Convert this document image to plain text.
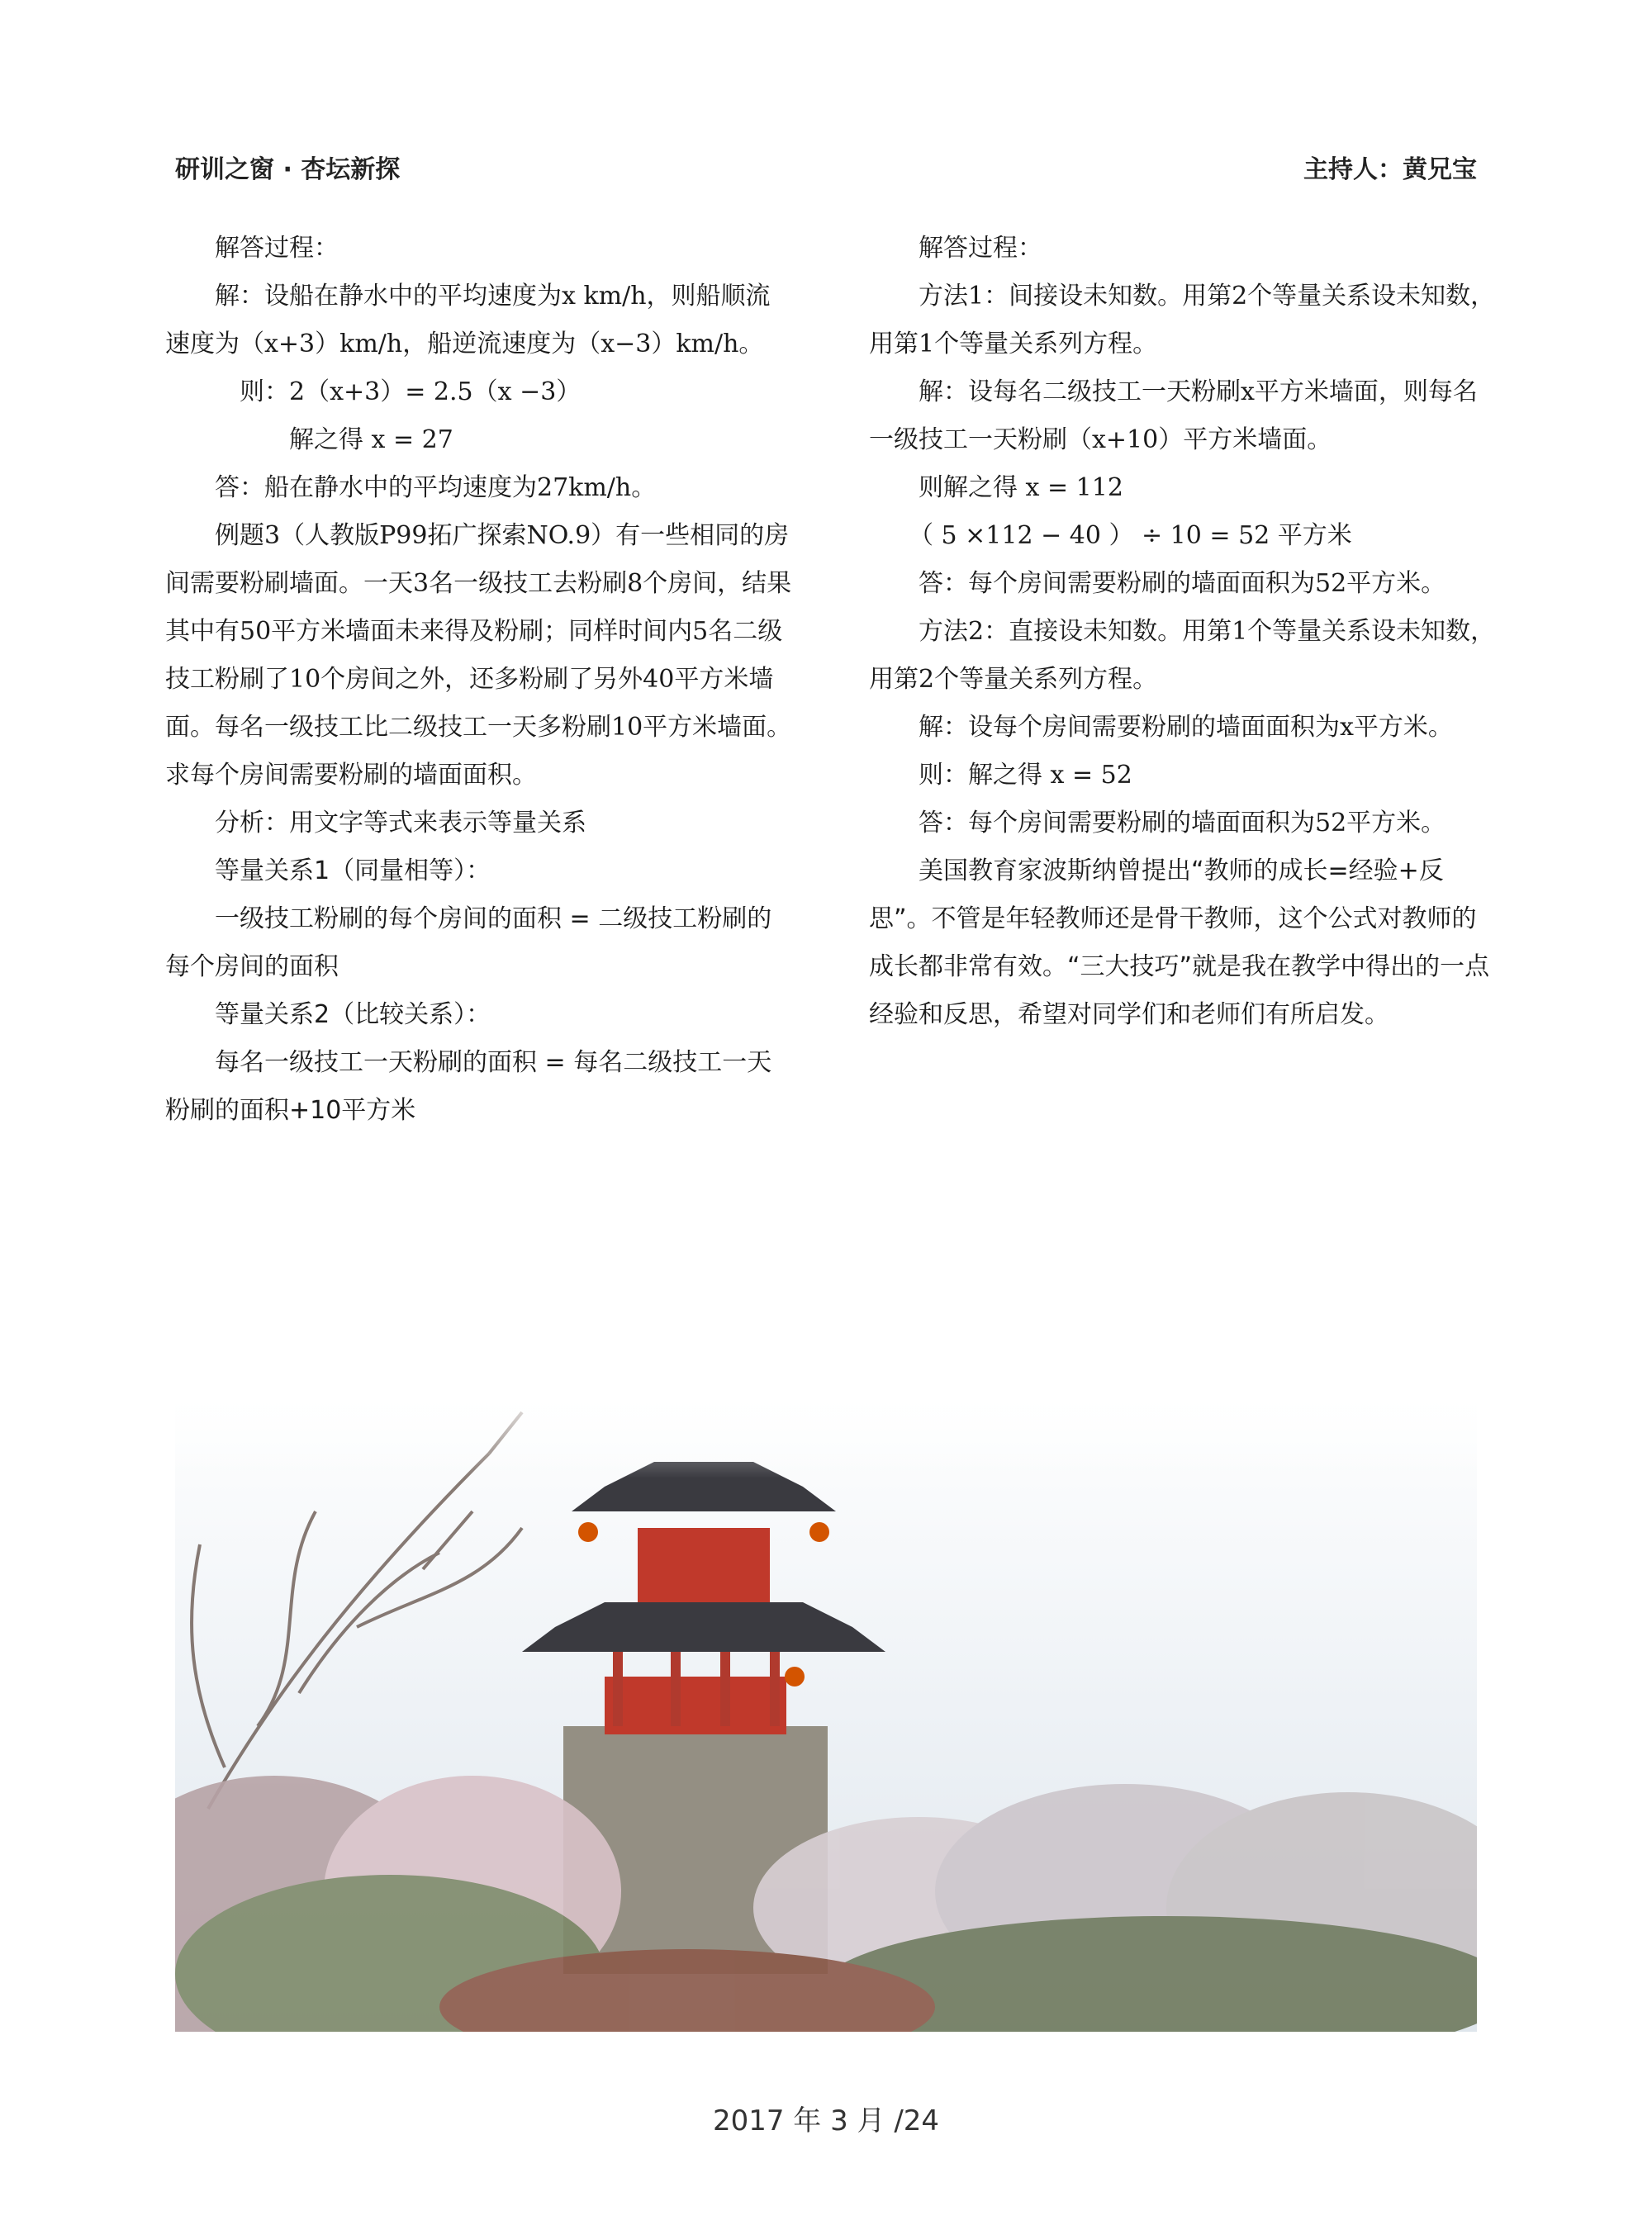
研训之窗 · 杏坛新探	主持人：黄兄宝

解答过程：

解：设船在静水中的平均速度为x km/h，则船顺流速度为（x+3）km/h，船逆流速度为（x−3）km/h。

则：2（x+3）= 2.5（x −3）

解之得 x = 27

答：船在静水中的平均速度为27km/h。

例题3（人教版P99拓广探索NO.9）有一些相同的房间需要粉刷墙面。一天3名一级技工去粉刷8个房间，结果其中有50平方米墙面未来得及粉刷；同样时间内5名二级技工粉刷了10个房间之外，还多粉刷了另外40平方米墙面。每名一级技工比二级技工一天多粉刷10平方米墙面。求每个房间需要粉刷的墙面面积。

分析：用文字等式来表示等量关系

等量关系1（同量相等）：

一级技工粉刷的每个房间的面积 = 二级技工粉刷的每个房间的面积

等量关系2（比较关系）：

每名一级技工一天粉刷的面积 = 每名二级技工一天粉刷的面积+10平方米

解答过程：

方法1：间接设未知数。用第2个等量关系设未知数，用第1个等量关系列方程。

解：设每名二级技工一天粉刷x平方米墙面，则每名一级技工一天粉刷（x+10）平方米墙面。

则解之得 x = 112

（ 5 ×112 − 40 ） ÷ 10 = 52 平方米

答：每个房间需要粉刷的墙面面积为52平方米。

方法2：直接设未知数。用第1个等量关系设未知数，用第2个等量关系列方程。

解：设每个房间需要粉刷的墙面面积为x平方米。

则：解之得 x = 52

答：每个房间需要粉刷的墙面面积为52平方米。

美国教育家波斯纳曾提出“教师的成长=经验+反思”。不管是年轻教师还是骨干教师，这个公式对教师的成长都非常有效。“三大技巧”就是我在教学中得出的一点经验和反思，希望对同学们和老师们有所启发。

2017 年 3 月 /24
